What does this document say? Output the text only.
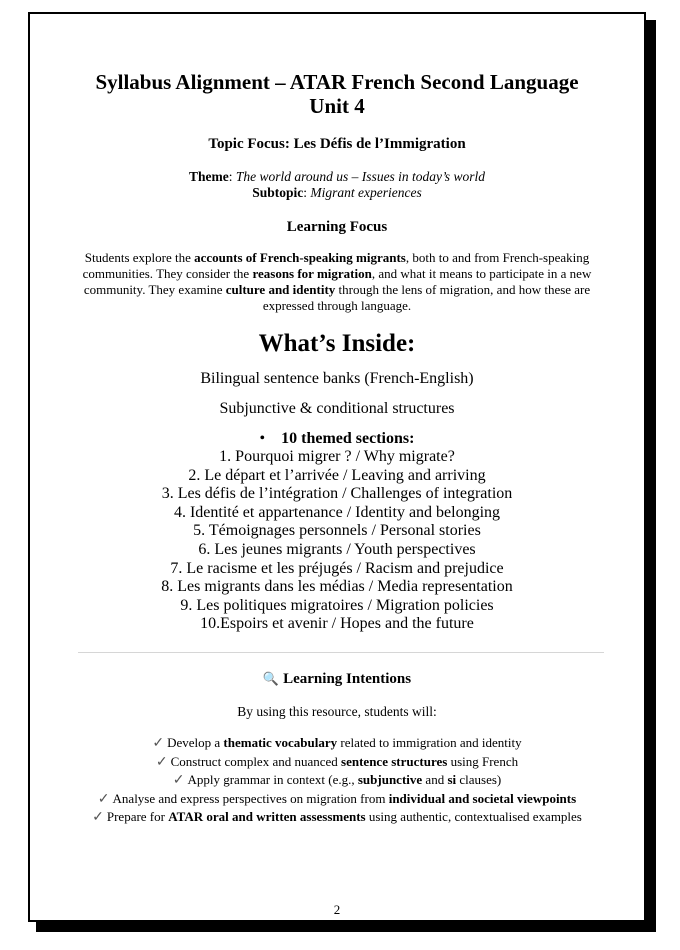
Syllabus Alignment – ATAR French Second Language
Unit 4
Topic Focus: Les Défis de l’Immigration
Theme: The world around us – Issues in today’s world
Subtopic: Migrant experiences
Learning Focus
Students explore the accounts of French-speaking migrants, both to and from French-speaking communities. They consider the reasons for migration, and what it means to participate in a new community. They examine culture and identity through the lens of migration, and how these are expressed through language.
What’s Inside:
Bilingual sentence banks (French-English)
Subjunctive & conditional structures
• 10 themed sections:
1. Pourquoi migrer ? / Why migrate?
2. Le départ et l’arrivée / Leaving and arriving
3. Les défis de l’intégration / Challenges of integration
4. Identité et appartenance / Identity and belonging
5. Témoignages personnels / Personal stories
6. Les jeunes migrants / Youth perspectives
7. Le racisme et les préjugés / Racism and prejudice
8. Les migrants dans les médias / Media representation
9. Les politiques migratoires / Migration policies
10.Espoirs et avenir / Hopes and the future
🔍 Learning Intentions
By using this resource, students will:
✓ Develop a thematic vocabulary related to immigration and identity
✓ Construct complex and nuanced sentence structures using French
✓ Apply grammar in context (e.g., subjunctive and si clauses)
✓ Analyse and express perspectives on migration from individual and societal viewpoints
✓ Prepare for ATAR oral and written assessments using authentic, contextualised examples
2
